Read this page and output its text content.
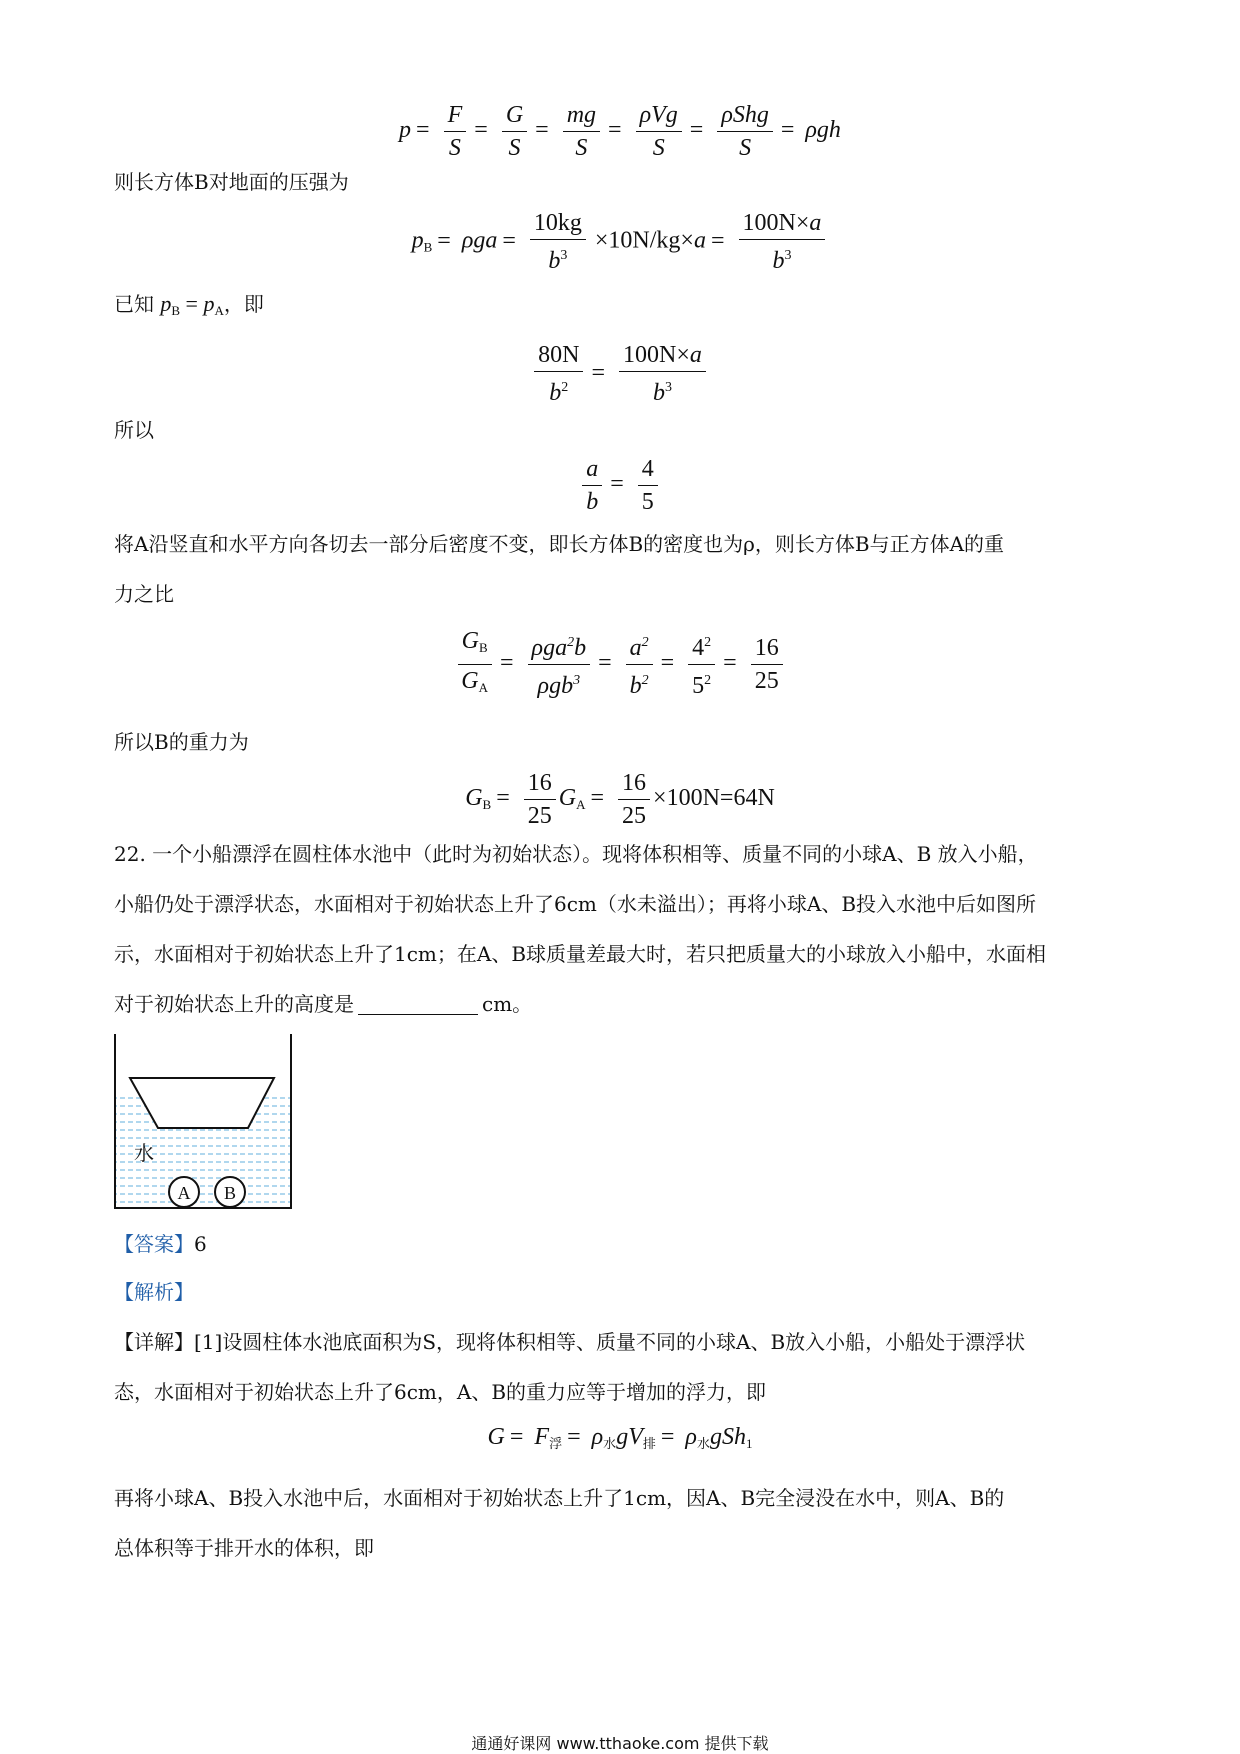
$p = \frac{F}{S} = \frac{G}{S} = \frac{mg}{S} = \frac{\text{ρVg}}{S} = \frac{\text{ρShg}}{S} = \rho gh$
则长方体B对地面的压强为
$p_B = \rho ga = \frac{10kg}{b^3} \times 10N/kg\times a = \frac{100N\times a}{b^3}$
已知 $p_B = p_A$，即
$\frac{80N}{b^2} = \frac{100N\times a}{b^3}$
所以
$\frac{a}{b} = \frac{4}{5}$
将A沿竖直和水平方向各切去一部分后密度不变，即长方体B的密度也为ρ，则长方体B与正方体A的重
力之比
$\frac{G_B}{G_A} = \frac{\rho ga^2b}{\rho gb^3} = \frac{a^2}{b^2} = \frac{4^2}{5^2} = \frac{16}{25}$
所以B的重力为
$G_B = \frac{16}{25} G_A = \frac{16}{25} \times 100N=64N$
22. 一个小船漂浮在圆柱体水池中（此时为初始状态）。现将体积相等、质量不同的小球A、B 放入小船，
小船仍处于漂浮状态，水面相对于初始状态上升了6cm（水未溢出）；再将小球A、B投入水池中后如图所
示，水面相对于初始状态上升了1cm；在A、B球质量差最大时，若只把质量大的小球放入小船中，水面相
对于初始状态上升的高度是	cm。
水
A B
【答案】6
【解析】
【详解】[1]设圆柱体水池底面积为S，现将体积相等、质量不同的小球A、B放入小船，小船处于漂浮状
态，水面相对于初始状态上升了6cm，A、B的重力应等于增加的浮力，即
$G = F_浮 = \rho_水gV_排 = \rho_水gSh_1$
再将小球A、B投入水池中后，水面相对于初始状态上升了1cm，因A、B完全浸没在水中，则A、B的
总体积等于排开水的体积，即
通通好课网 www.tthaoke.com 提供下载
